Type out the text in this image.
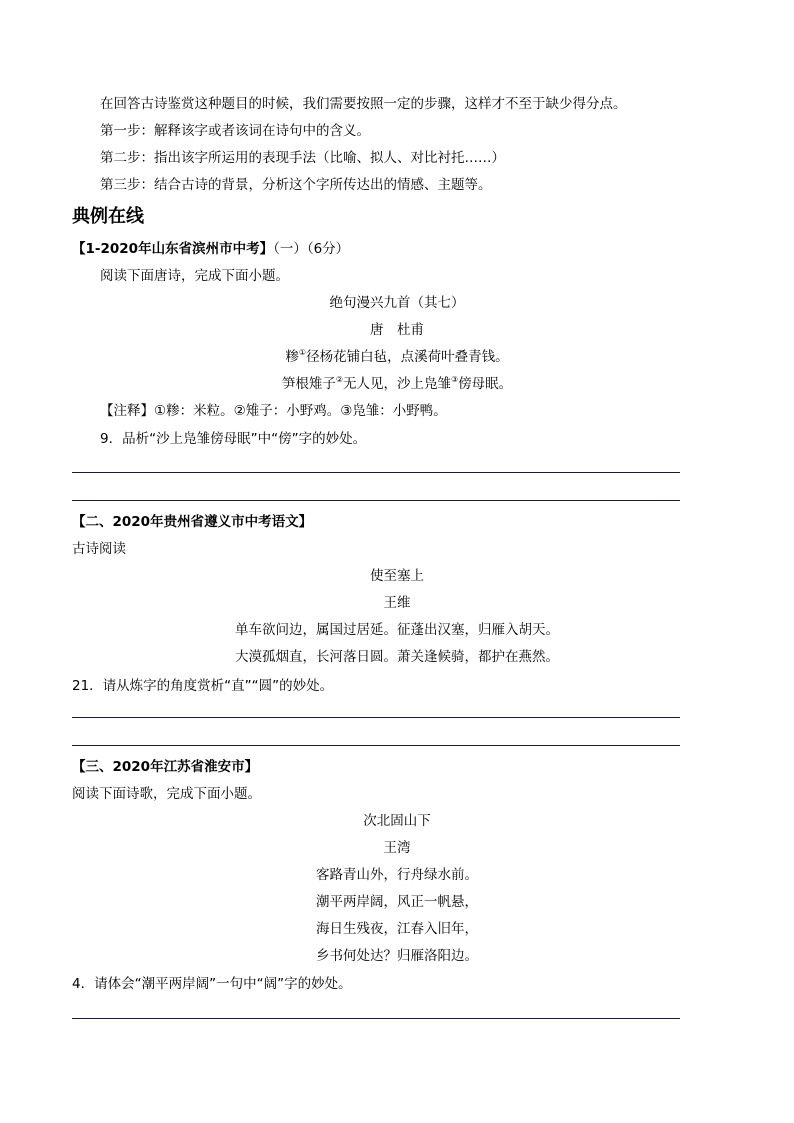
在回答古诗鉴赏这种题目的时候，我们需要按照一定的步骤，这样才不至于缺少得分点。
第一步：解释该字或者该词在诗句中的含义。
第二步：指出该字所运用的表现手法（比喻、拟人、对比衬托……）
第三步：结合古诗的背景，分析这个字所传达出的情感、主题等。
典例在线
【1-2020年山东省滨州市中考】（一）（6分）
阅读下面唐诗，完成下面小题。
绝句漫兴九首（其七）
唐　杜甫
糁①径杨花铺白毡，点溪荷叶叠青钱。
笋根雉子②无人见，沙上凫雏③傍母眠。
【注释】①糁：米粒。②雉子：小野鸡。③凫雏：小野鸭。
9．品析“沙上凫雏傍母眠”中“傍”字的妙处。
【二、2020年贵州省遵义市中考语文】
古诗阅读
使至塞上
王维
单车欲问边，属国过居延。征蓬出汉塞，归雁入胡天。
大漠孤烟直，长河落日圆。萧关逢候骑，都护在燕然。
21．请从炼字的角度赏析“直”“圆”的妙处。
【三、2020年江苏省淮安市】
阅读下面诗歌，完成下面小题。
次北固山下
王湾
客路青山外，行舟绿水前。
潮平两岸阔，风正一帆悬，
海日生残夜，江春入旧年，
乡书何处达？归雁洛阳边。
4．请体会“潮平两岸阔”一句中“阔”字的妙处。
